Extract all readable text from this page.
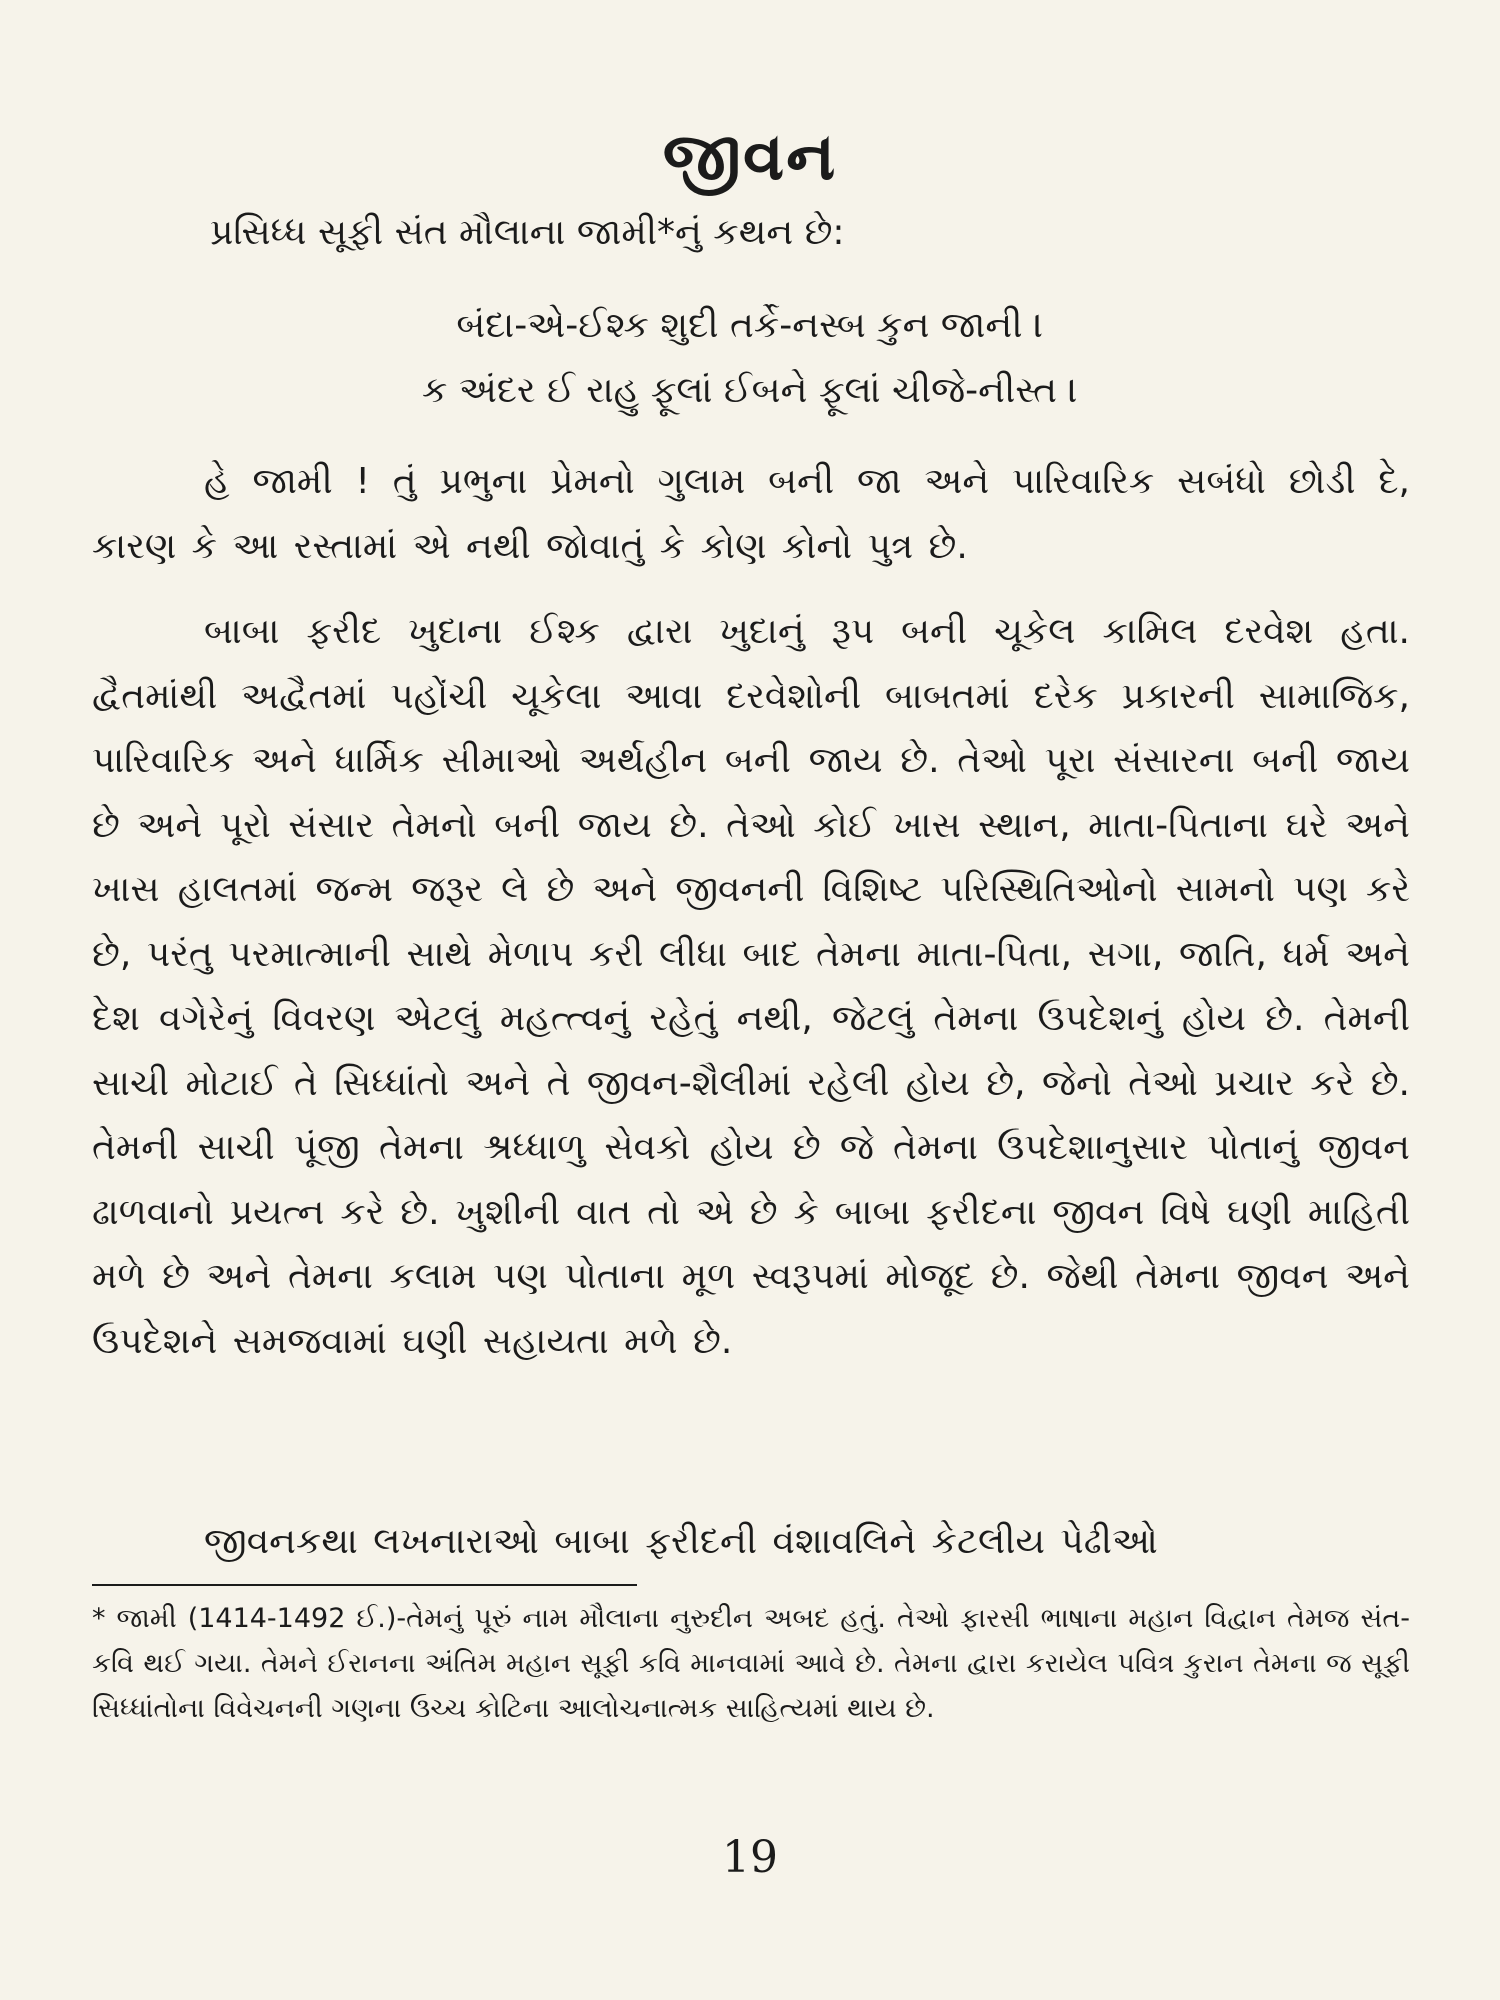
જીવન

પ્રસિધ્ધ સૂફી સંત મૌલાના જામી*નું કથન છે:

બંદા-એ-ઈશ્ક શુદી તર્કે-નસ્બ કુન જાની ।

ક અંદર ઈ રાહુ ફૂલાં ઈબને ફૂલાં ચીજે-નીસ્ત ।

હે જામી ! તું પ્રભુના પ્રેમનો ગુલામ બની જા અને પારિવારિક સબંધો છોડી દે, કારણ કે આ રસ્તામાં એ નથી જોવાતું કે કોણ કોનો પુત્ર છે.

બાબા ફરીદ ખુદાના ઈશ્ક દ્વારા ખુદાનું રૂપ બની ચૂકેલ કામિલ દરવેશ હતા. દ્વૈતમાંથી અદ્વૈતમાં પહોંચી ચૂકેલા આવા દરવેશોની બાબતમાં દરેક પ્રકારની સામાજિક, પારિવારિક અને ધાર્મિક સીમાઓ અર્થહીન બની જાય છે. તેઓ પૂરા સંસારના બની જાય છે અને પૂરો સંસાર તેમનો બની જાય છે. તેઓ કોઈ ખાસ સ્થાન, માતા-પિતાના ઘરે અને ખાસ હાલતમાં જન્મ જરૂર લે છે અને જીવનની વિશિષ્ટ પરિસ્થિતિઓનો સામનો પણ કરે છે, પરંતુ પરમાત્માની સાથે મેળાપ કરી લીધા બાદ તેમના માતા-પિતા, સગા, જાતિ, ધર્મ અને દેશ વગેરેનું વિવરણ એટલું મહત્ત્વનું રહેતું નથી, જેટલું તેમના ઉપદેશનું હોય છે. તેમની સાચી મોટાઈ તે સિધ્ધાંતો અને તે જીવન-શૈલીમાં રહેલી હોય છે, જેનો તેઓ પ્રચાર કરે છે. તેમની સાચી પૂંજી તેમના શ્રધ્ધાળુ સેવકો હોય છે જે તેમના ઉપદેશાનુસાર પોતાનું જીવન ઢાળવાનો પ્રયત્ન કરે છે. ખુશીની વાત તો એ છે કે બાબા ફરીદના જીવન વિષે ઘણી માહિતી મળે છે અને તેમના કલામ પણ પોતાના મૂળ સ્વરૂપમાં મોજૂદ છે. જેથી તેમના જીવન અને ઉપદેશને સમજવામાં ઘણી સહાયતા મળે છે.

જીવનકથા લખનારાઓ બાબા ફરીદની વંશાવલિને કેટલીય પેઢીઓ

* જામી (1414-1492 ઈ.)-તેમનું પૂરું નામ મૌલાના નુરુદીન અબદ હતું. તેઓ ફારસી ભાષાના મહાન વિદ્વાન તેમજ સંત-કવિ થઈ ગયા. તેમને ઈરાનના અંતિમ મહાન સૂફી કવિ માનવામાં આવે છે. તેમના દ્વારા કરાયેલ પવિત્ર કુરાન તેમના જ સૂફી સિધ્ધાંતોના વિવેચનની ગણના ઉચ્ચ કોટિના આલોચનાત્મક સાહિત્યમાં થાય છે.

19
